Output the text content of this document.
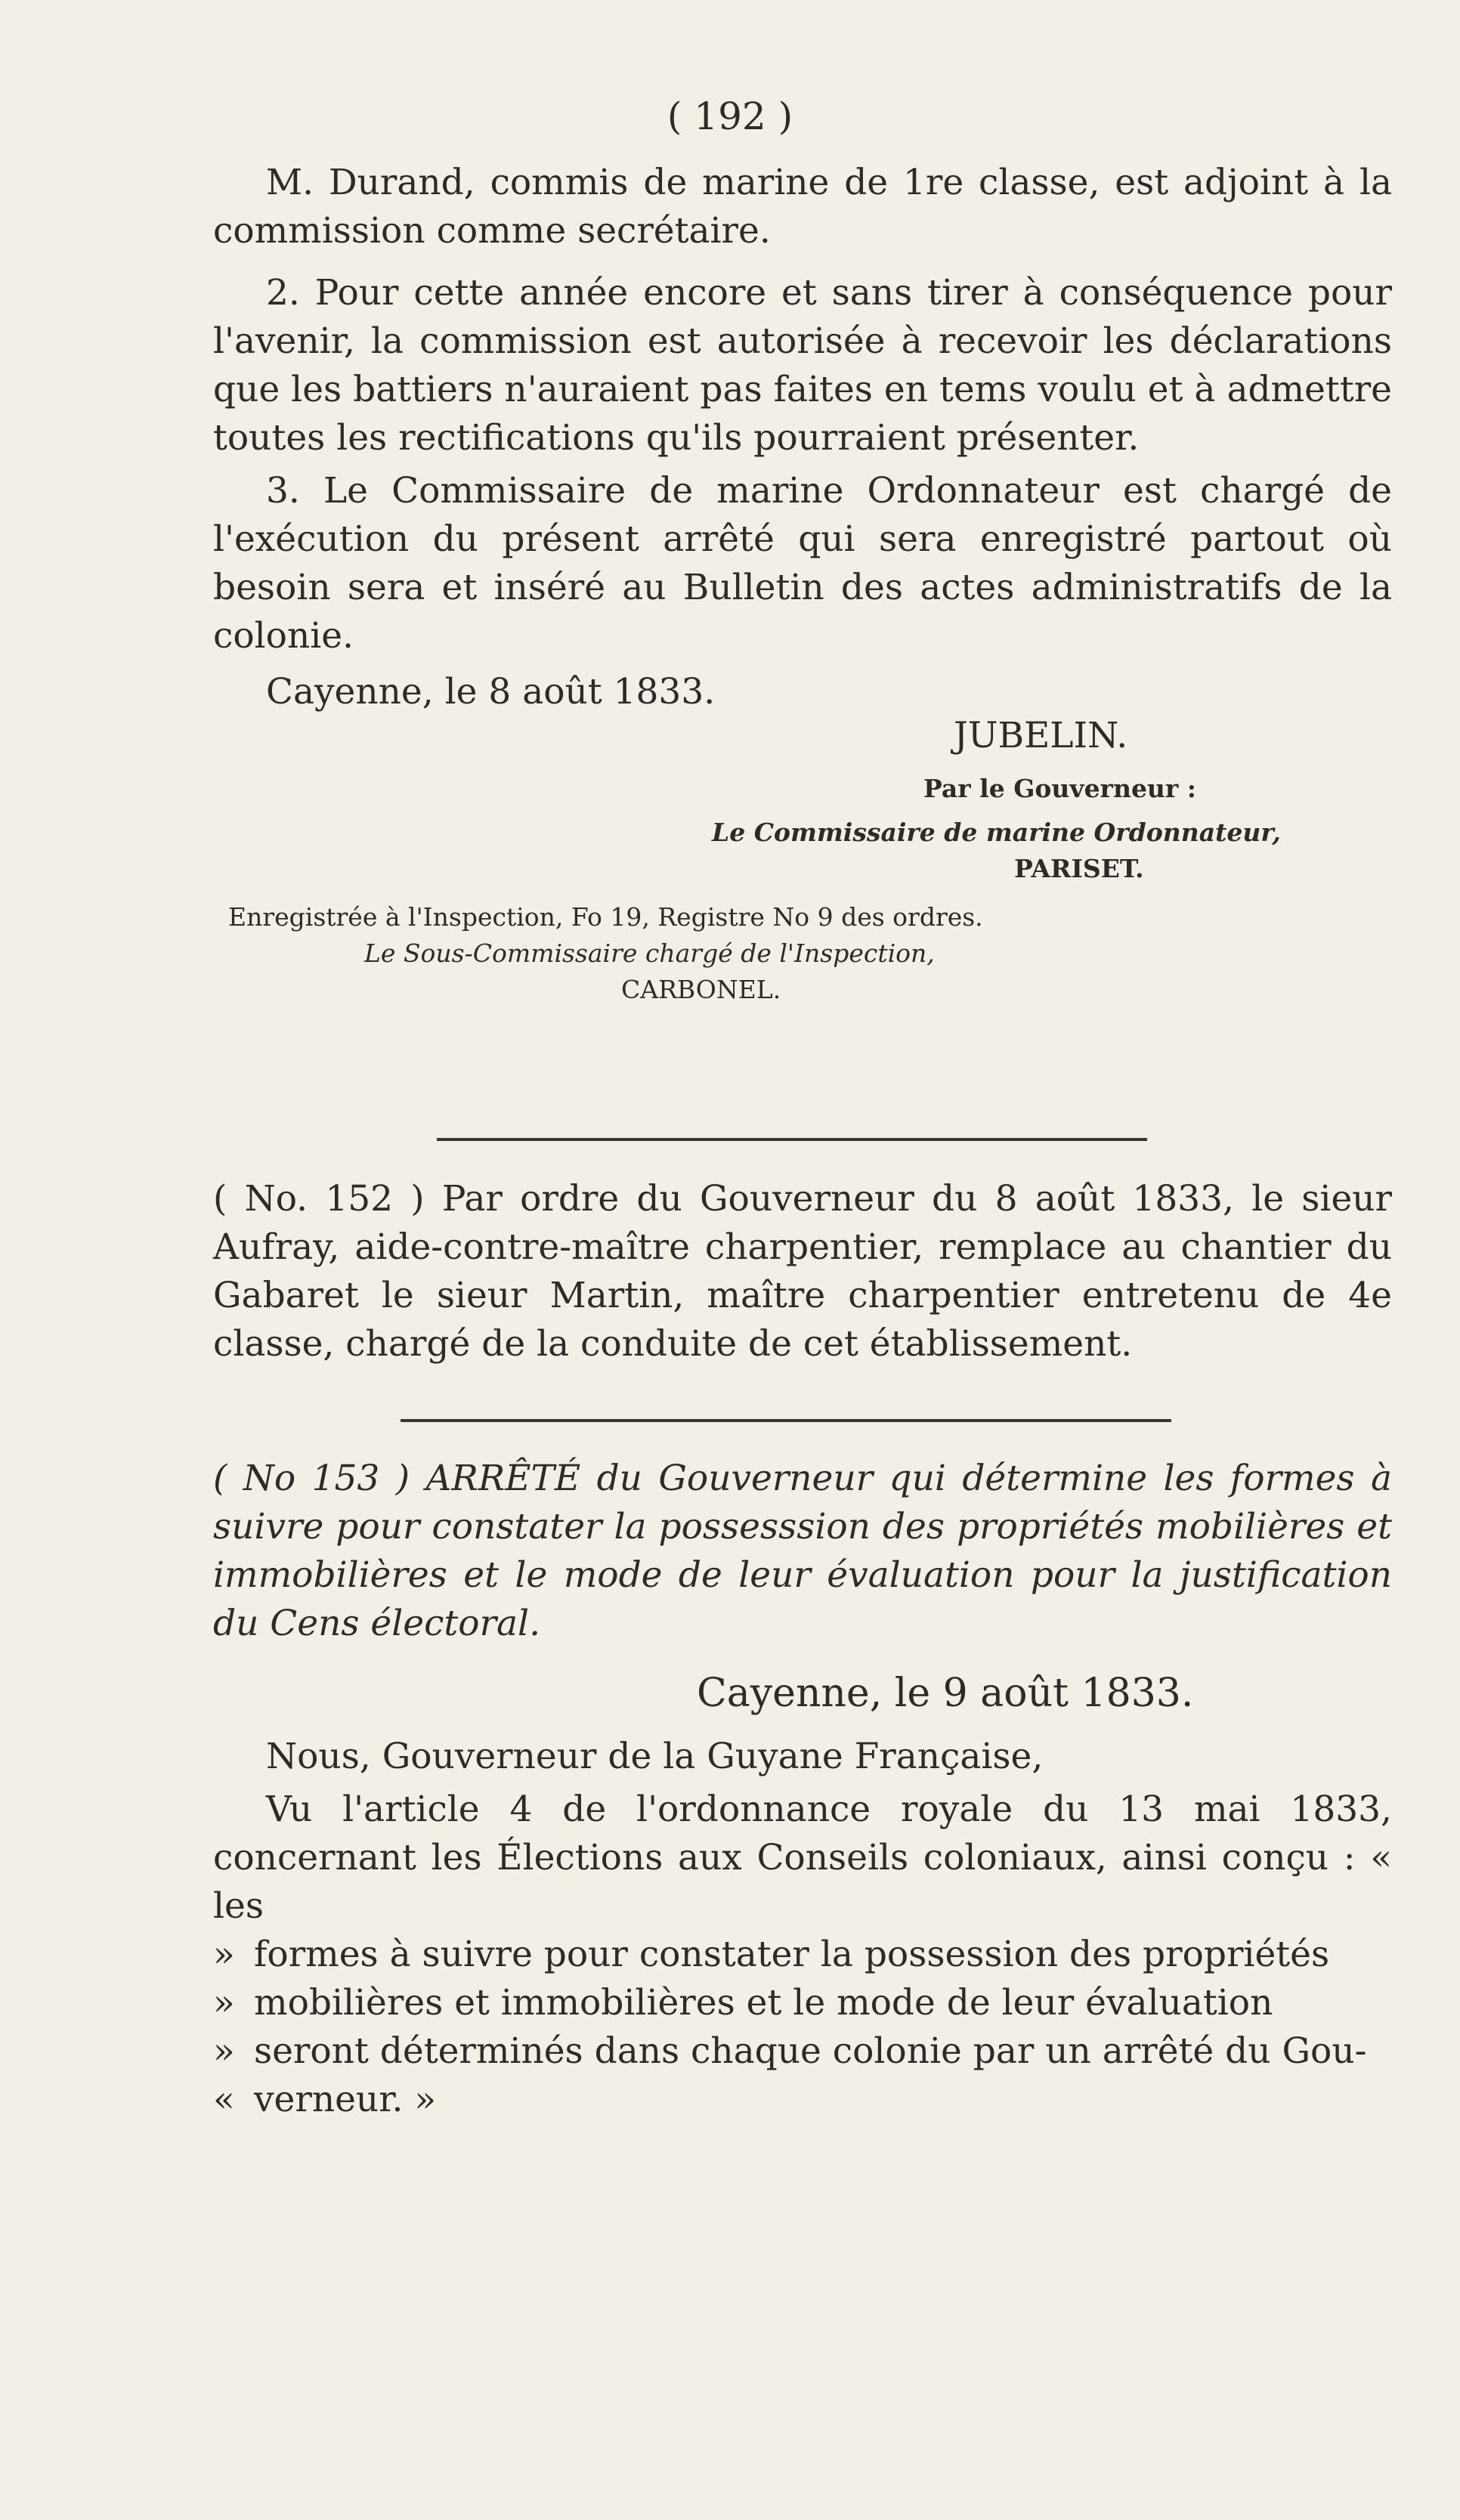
( 192 )

M. Durand, commis de marine de 1re classe, est adjoint à la commission comme secrétaire.

2. Pour cette année encore et sans tirer à conséquence pour l'avenir, la commission est autorisée à recevoir les déclarations que les battiers n'auraient pas faites en tems voulu et à admettre toutes les rectifications qu'ils pourraient présenter.

3. Le Commissaire de marine Ordonnateur est chargé de l'exécution du présent arrêté qui sera enregistré partout où besoin sera et inséré au Bulletin des actes administratifs de la colonie.

Cayenne, le 8 août 1833.

JUBELIN.

Par le Gouverneur :

Le Commissaire de marine Ordonnateur,

PARISET.

Enregistrée à l'Inspection, Fo 19, Registre No 9 des ordres.

Le Sous-Commissaire chargé de l'Inspection,

CARBONEL.

( No. 152 ) Par ordre du Gouverneur du 8 août 1833, le sieur Aufray, aide-contre-maître charpentier, remplace au chantier du Gabaret le sieur Martin, maître charpentier entretenu de 4e classe, chargé de la conduite de cet établissement.

( No 153 ) ARRÊTÉ du Gouverneur qui détermine les formes à suivre pour constater la possesssion des propriétés mobilières et immobilières et le mode de leur évaluation pour la justification du Cens électoral.

Cayenne, le 9 août 1833.

Nous, Gouverneur de la Guyane Française,

Vu l'article 4 de l'ordonnance royale du 13 mai 1833, concernant les Élections aux Conseils coloniaux, ainsi conçu : « les

» formes à suivre pour constater la possession des propriétés

» mobilières et immobilières et le mode de leur évaluation

» seront déterminés dans chaque colonie par un arrêté du Gou-

« verneur. »
